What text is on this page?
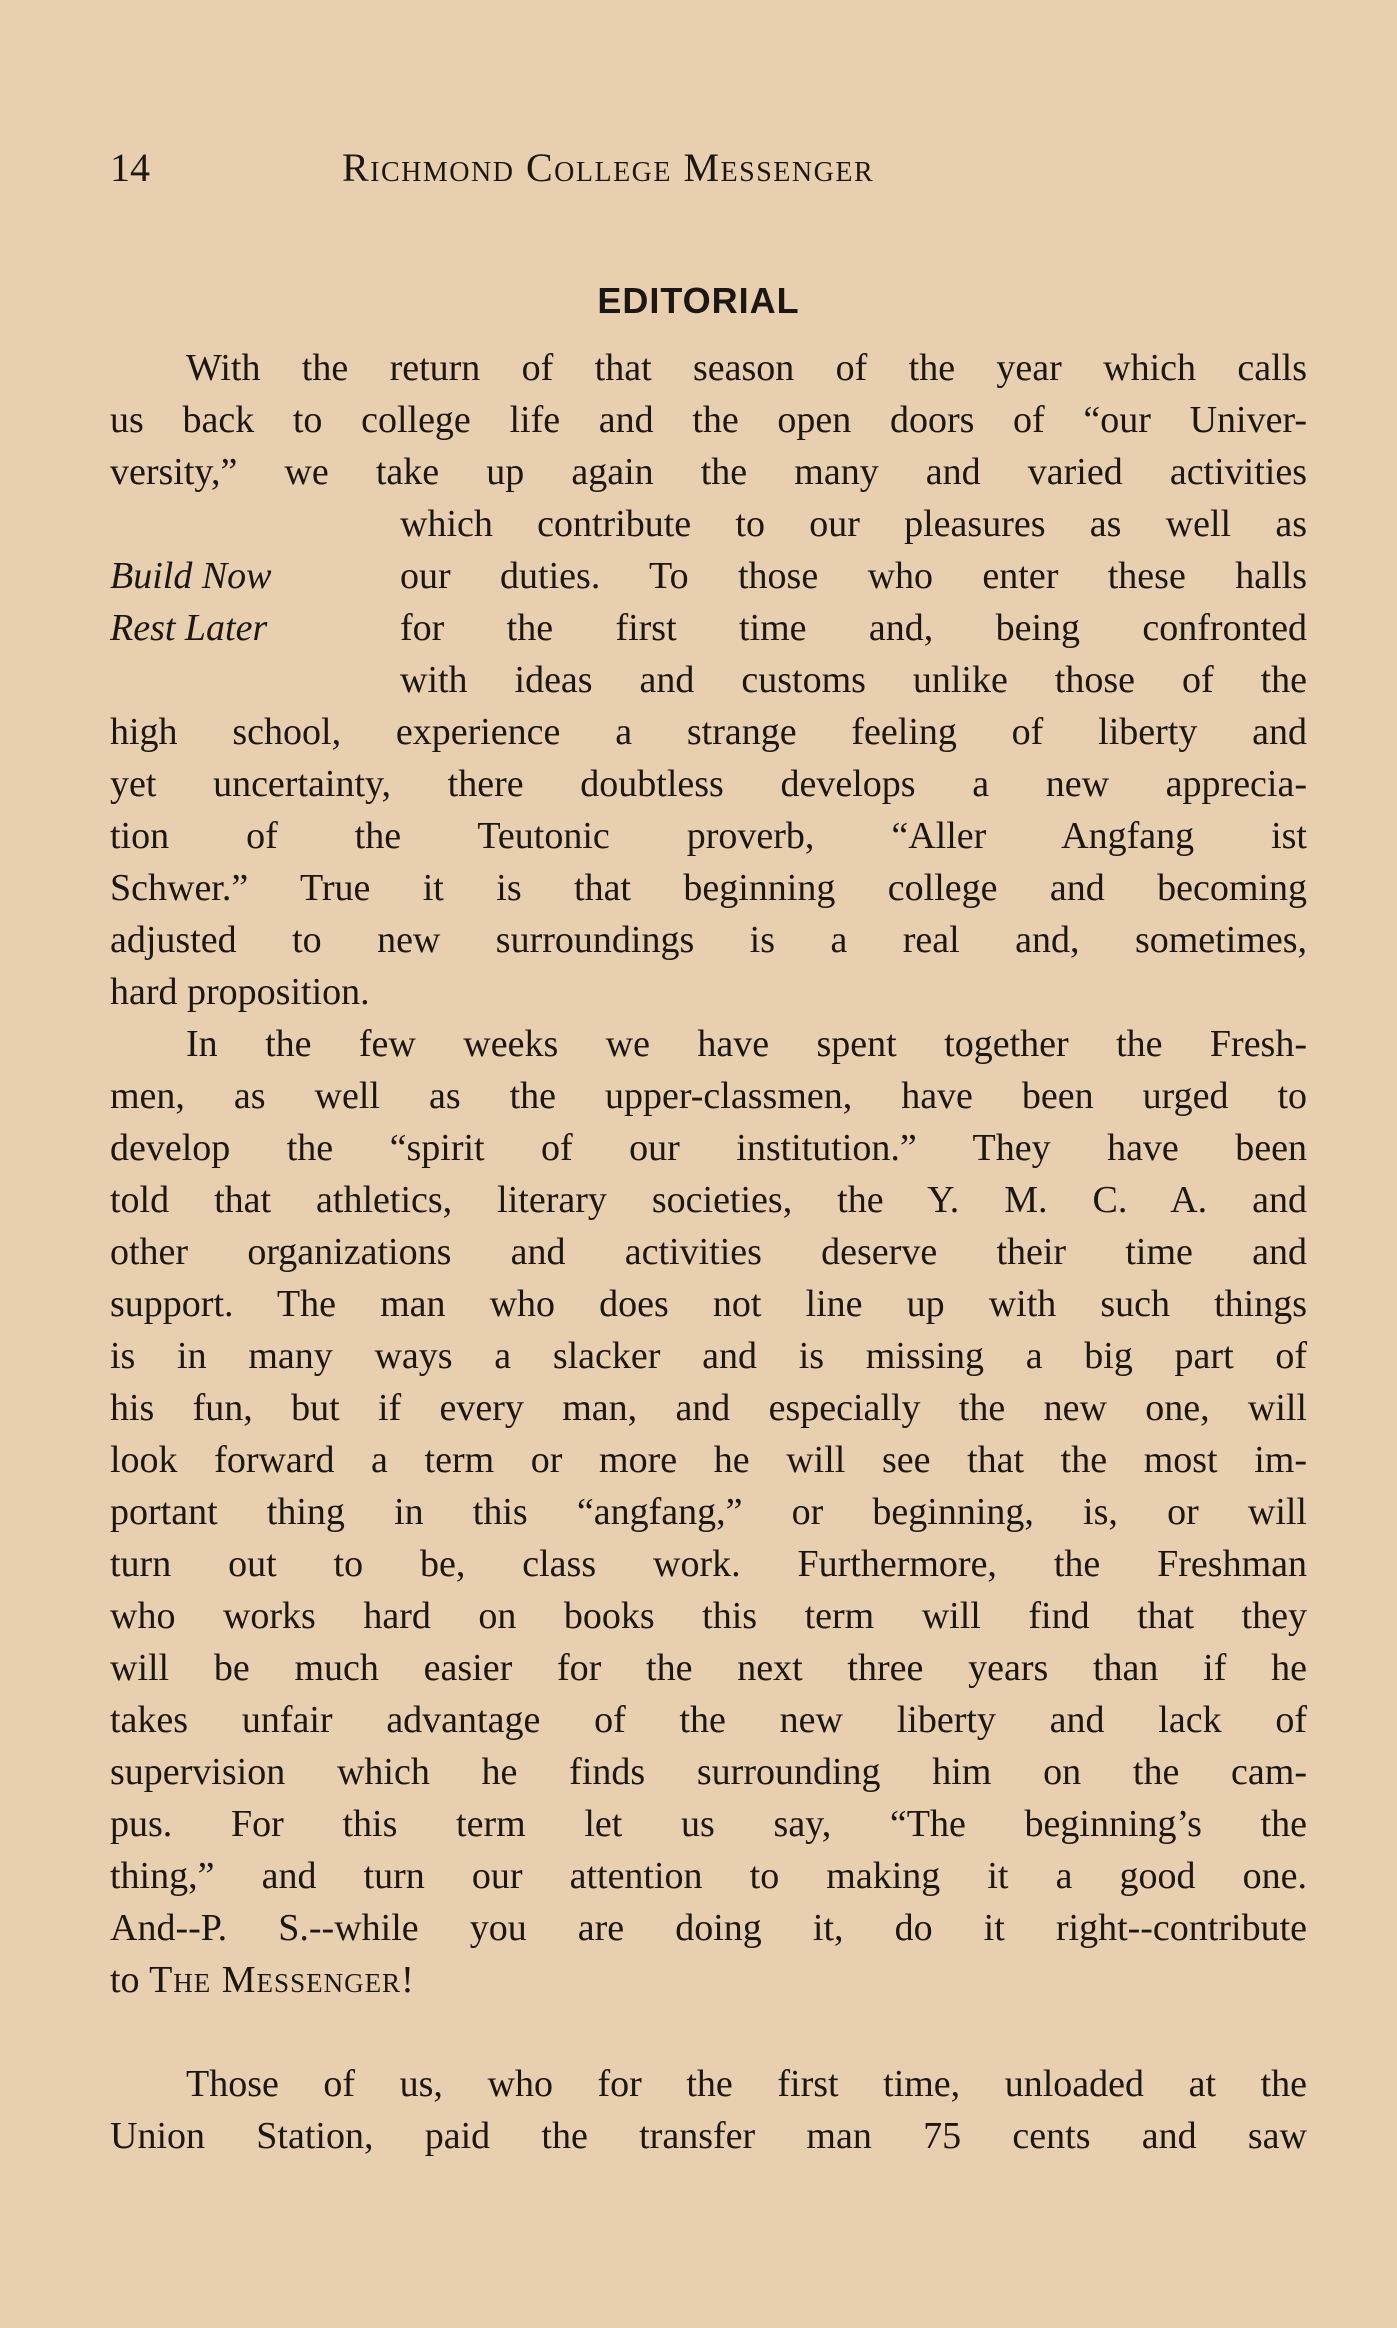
14	Richmond College Messenger
EDITORIAL
Build Now
Rest Later
With the return of that season of the year which calls
us back to college life and the open doors of “our Univer-
versity,” we take up again the many and varied activities
which contribute to our pleasures as well as
our duties. To those who enter these halls
for the first time and, being confronted
with ideas and customs unlike those of the
high school, experience a strange feeling of liberty and
yet uncertainty, there doubtless develops a new apprecia-
tion of the Teutonic proverb, “Aller Angfang ist
Schwer.” True it is that beginning college and becoming
adjusted to new surroundings is a real and, sometimes,
hard proposition.
In the few weeks we have spent together the Fresh-
men, as well as the upper-classmen, have been urged to
develop the “spirit of our institution.” They have been
told that athletics, literary societies, the Y. M. C. A. and
other organizations and activities deserve their time and
support. The man who does not line up with such things
is in many ways a slacker and is missing a big part of
his fun, but if every man, and especially the new one, will
look forward a term or more he will see that the most im-
portant thing in this “angfang,” or beginning, is, or will
turn out to be, class work. Furthermore, the Freshman
who works hard on books this term will find that they
will be much easier for the next three years than if he
takes unfair advantage of the new liberty and lack of
supervision which he finds surrounding him on the cam-
pus. For this term let us say, “The beginning’s the
thing,” and turn our attention to making it a good one.
And--P. S.--while you are doing it, do it right--contribute
to The Messenger!
Those of us, who for the first time, unloaded at the
Union Station, paid the transfer man 75 cents and saw
